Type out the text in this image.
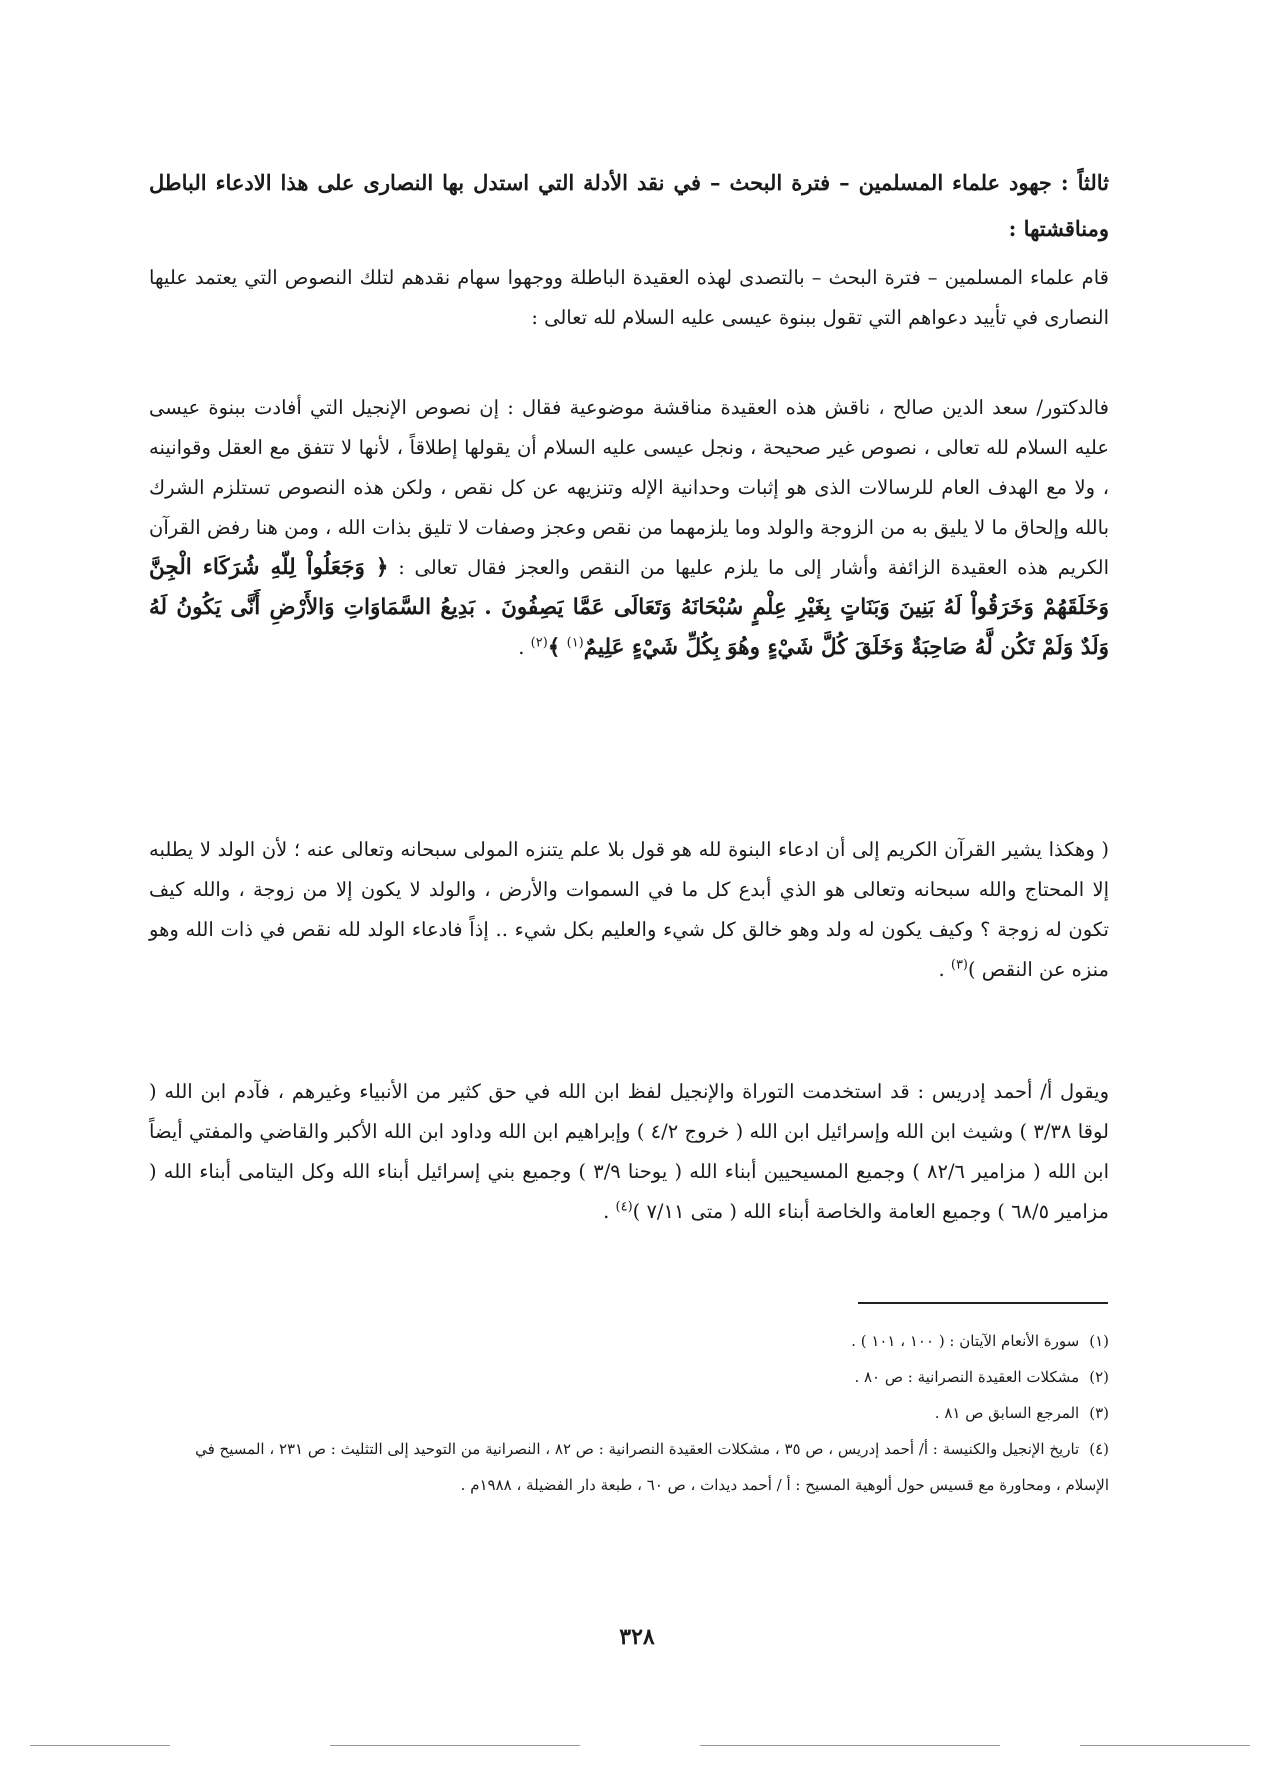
ثالثاً : جهود علماء المسلمين – فترة البحث – في نقد الأدلة التي استدل بها النصارى على هذا الادعاء الباطل ومناقشتها :
قام علماء المسلمين – فترة البحث – بالتصدى لهذه العقيدة الباطلة ووجهوا سهام نقدهم لتلك النصوص التي يعتمد عليها النصارى في تأييد دعواهم التي تقول ببنوة عيسى عليه السلام لله تعالى :
فالدكتور/ سعد الدين صالح ، ناقش هذه العقيدة مناقشة موضوعية فقال : إن نصوص الإنجيل التي أفادت ببنوة عيسى عليه السلام لله تعالى ، نصوص غير صحيحة ، ونجل عيسى عليه السلام أن يقولها إطلاقاً ، لأنها لا تتفق مع العقل وقوانينه ، ولا مع الهدف العام للرسالات الذى هو إثبات وحدانية الإله وتنزيهه عن كل نقص ، ولكن هذه النصوص تستلزم الشرك بالله وإلحاق ما لا يليق به من الزوجة والولد وما يلزمهما من نقص وعجز وصفات لا تليق بذات الله ، ومن هنا رفض القرآن الكريم هذه العقيدة الزائفة وأشار إلى ما يلزم عليها من النقص والعجز فقال تعالى : ﴿ وَجَعَلُواْ لِلّهِ شُرَكَاء الْجِنَّ وَخَلَقَهُمْ وَخَرَقُواْ لَهُ بَنِينَ وَبَنَاتٍ بِغَيْرِ عِلْمٍ سُبْحَانَهُ وَتَعَالَى عَمَّا يَصِفُونَ . بَدِيعُ السَّمَاوَاتِ وَالأَرْضِ أَنَّى يَكُونُ لَهُ وَلَدٌ وَلَمْ تَكُن لَّهُ صَاحِبَةٌ وَخَلَقَ كُلَّ شَيْءٍ وهُوَ بِكُلِّ شَيْءٍ عَلِيمٌ$^{(١)}$ ﴾$^{(٢)}$ .
( وهكذا يشير القرآن الكريم إلى أن ادعاء البنوة لله هو قول بلا علم يتنزه المولى سبحانه وتعالى عنه ؛ لأن الولد لا يطلبه إلا المحتاج والله سبحانه وتعالى هو الذي أبدع كل ما في السموات والأرض ، والولد لا يكون إلا من زوجة ، والله كيف تكون له زوجة ؟ وكيف يكون له ولد وهو خالق كل شيء والعليم بكل شيء .. إذاً فادعاء الولد لله نقص في ذات الله وهو منزه عن النقص )$^{(٣)}$ .
ويقول أ/ أحمد إدريس : قد استخدمت التوراة والإنجيل لفظ ابن الله في حق كثير من الأنبياء وغيرهم ، فآدم ابن الله ( لوقا ٣/٣٨ ) وشيث ابن الله وإسرائيل ابن الله ( خروج ٤/٢ ) وإبراهيم ابن الله وداود ابن الله الأكبر والقاضي والمفتي أيضاً ابن الله ( مزامير ٨٢/٦ ) وجميع المسيحيين أبناء الله ( يوحنا ٣/٩ ) وجميع بني إسرائيل أبناء الله وكل اليتامى أبناء الله ( مزامير ٦٨/٥ ) وجميع العامة والخاصة أبناء الله ( متى ٧/١١ )$^{(٤)}$ .

(١)سورة الأنعام الآيتان : ( ١٠٠ ، ١٠١ ) .

(٢)مشكلات العقيدة النصرانية : ص ٨٠ .

(٣)المرجع السابق ص ٨١ .

(٤)تاريخ الإنجيل والكنيسة : أ/ أحمد إدريس ، ص ٣٥ ، مشكلات العقيدة النصرانية : ص ٨٢ ، النصرانية من التوحيد إلى التثليث : ص ٢٣١ ، المسيح في الإسلام ، ومحاورة مع قسيس حول ألوهية المسيح : أ / أحمد ديدات ، ص ٦٠ ، طبعة دار الفضيلة ، ١٩٨٨م .

٣٢٨
